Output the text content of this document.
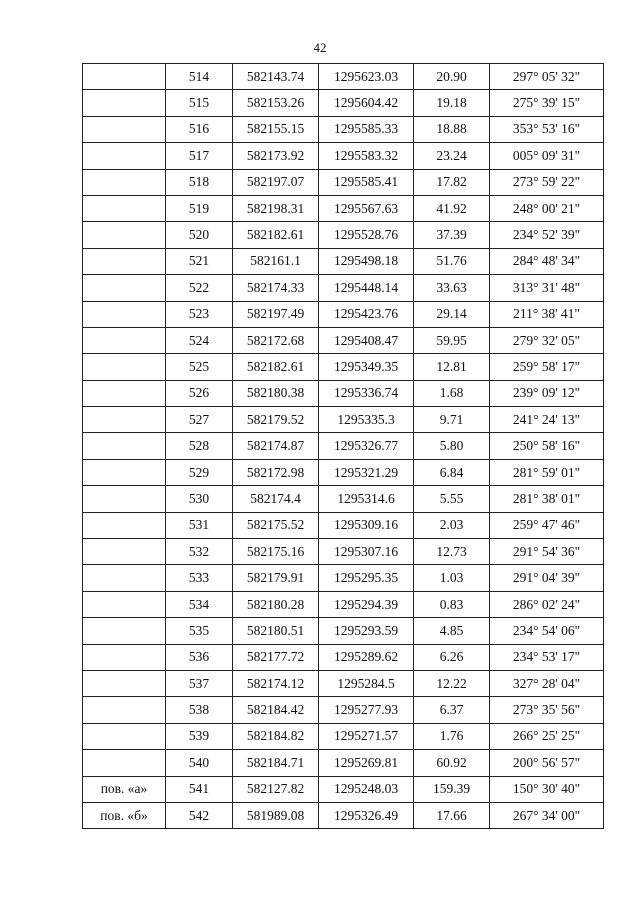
42
	514	582143.74	1295623.03	20.90	297° 05' 32"
	515	582153.26	1295604.42	19.18	275° 39' 15"
	516	582155.15	1295585.33	18.88	353° 53' 16"
	517	582173.92	1295583.32	23.24	005° 09' 31"
	518	582197.07	1295585.41	17.82	273° 59' 22"
	519	582198.31	1295567.63	41.92	248° 00' 21"
	520	582182.61	1295528.76	37.39	234° 52' 39"
	521	582161.1	1295498.18	51.76	284° 48' 34"
	522	582174.33	1295448.14	33.63	313° 31' 48"
	523	582197.49	1295423.76	29.14	211° 38' 41"
	524	582172.68	1295408.47	59.95	279° 32' 05"
	525	582182.61	1295349.35	12.81	259° 58' 17"
	526	582180.38	1295336.74	1.68	239° 09' 12"
	527	582179.52	1295335.3	9.71	241° 24' 13"
	528	582174.87	1295326.77	5.80	250° 58' 16"
	529	582172.98	1295321.29	6.84	281° 59' 01"
	530	582174.4	1295314.6	5.55	281° 38' 01"
	531	582175.52	1295309.16	2.03	259° 47' 46"
	532	582175.16	1295307.16	12.73	291° 54' 36"
	533	582179.91	1295295.35	1.03	291° 04' 39"
	534	582180.28	1295294.39	0.83	286° 02' 24"
	535	582180.51	1295293.59	4.85	234° 54' 06"
	536	582177.72	1295289.62	6.26	234° 53' 17"
	537	582174.12	1295284.5	12.22	327° 28' 04"
	538	582184.42	1295277.93	6.37	273° 35' 56"
	539	582184.82	1295271.57	1.76	266° 25' 25"
	540	582184.71	1295269.81	60.92	200° 56' 57"
пов. «а»	541	582127.82	1295248.03	159.39	150° 30' 40"
пов. «б»	542	581989.08	1295326.49	17.66	267° 34' 00"
